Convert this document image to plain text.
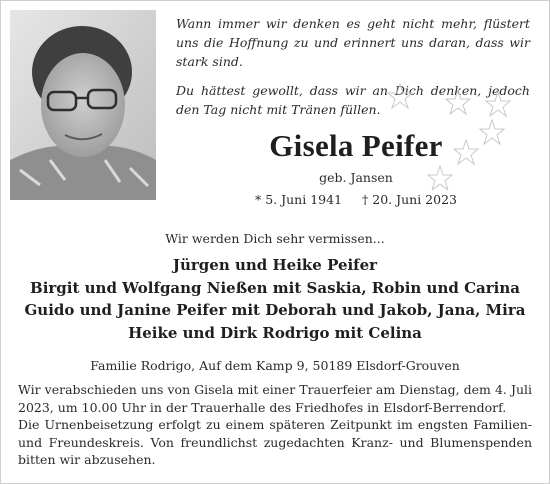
Wann immer wir denken es geht nicht mehr, flüstert uns die Hoffnung zu und erinnert uns daran, dass wir stark sind.

Du hättest gewollt, dass wir an Dich denken, jedoch den Tag nicht mit Tränen füllen.

Gisela Peifer
geb. Jansen
* 5. Juni 1941 † 20. Juni 2023
Wir werden Dich sehr vermissen...
Jürgen und Heike Peifer
Birgit und Wolfgang Nießen mit Saskia, Robin und Carina
Guido und Janine Peifer mit Deborah und Jakob, Jana, Mira
Heike und Dirk Rodrigo mit Celina
Familie Rodrigo, Auf dem Kamp 9, 50189 Elsdorf-Grouven

Wir verabschieden uns von Gisela mit einer Trauerfeier am Dienstag, dem 4. Juli 2023, um 10.00 Uhr in der Trauerhalle des Friedhofes in Elsdorf-Berrendorf.

Die Urnenbeisetzung erfolgt zu einem späteren Zeitpunkt im engsten Familien- und Freundeskreis. Von freundlichst zugedachten Kranz- und Blumenspenden bitten wir abzusehen.
